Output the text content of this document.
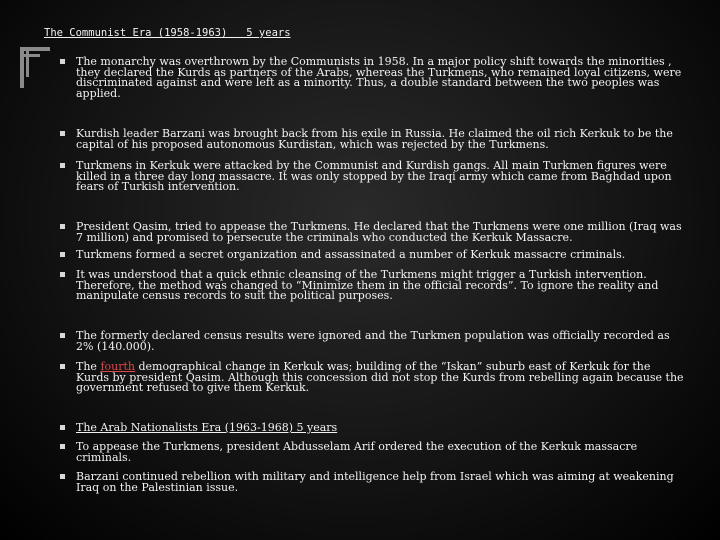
The Communist Era (1958-1963)   5 years
The monarchy was overthrown by the Communists in 1958. In a major policy shift towards the minorities , they declared the Kurds as partners of the Arabs, whereas the Turkmens, who remained loyal citizens, were discriminated against and were left as a minority. Thus, a double standard between the two peoples was applied.
Kurdish leader Barzani was brought back from his exile in Russia. He claimed the oil rich Kerkuk to be the capital of his proposed autonomous Kurdistan, which was rejected by the Turkmens.
Turkmens in Kerkuk were attacked by the Communist and Kurdish gangs. All main Turkmen figures were killed in a three day long massacre. It was only stopped by the Iraqi army which came from Baghdad upon fears of Turkish intervention.
President Qasim, tried to appease the Turkmens. He declared that the Turkmens were one million (Iraq was 7 million) and promised to persecute the criminals who conducted the Kerkuk Massacre.
Turkmens formed a secret organization and assassinated a number of Kerkuk massacre criminals.
It was understood that a quick ethnic cleansing of the Turkmens might trigger a Turkish intervention. Therefore, the method was changed to “Minimize them in the official records”. To ignore the reality and manipulate census records to suit the political purposes.
The formerly declared census results were ignored and the Turkmen population was officially recorded as 2% (140.000).
The fourth demographical change in Kerkuk was; building of the “Iskan” suburb east of Kerkuk for the Kurds by president Qasim. Although this concession did not stop the Kurds from rebelling again because the government refused to give them Kerkuk.
The Arab Nationalists Era (1963-1968) 5 years
To appease the Turkmens, president Abdusselam Arif ordered the execution of the Kerkuk massacre criminals.
Barzani continued rebellion with military and intelligence help from Israel which was aiming at weakening Iraq on the Palestinian issue.
